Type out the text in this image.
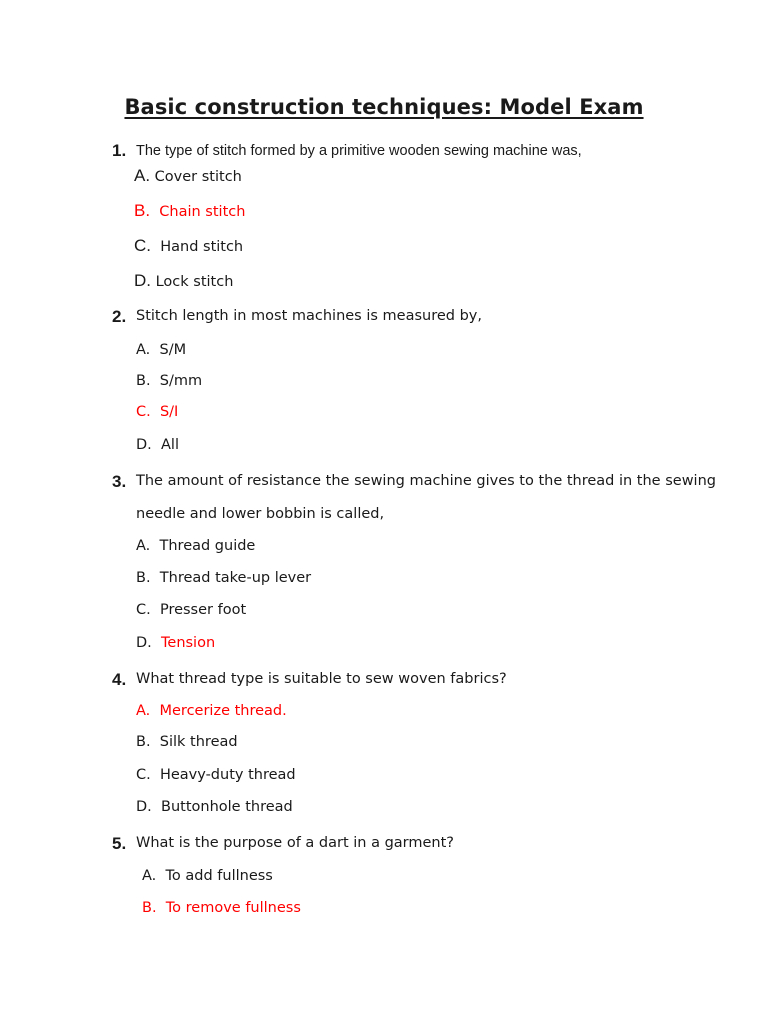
Basic construction techniques: Model Exam
1. The type of stitch formed by a primitive wooden sewing machine was,
A. Cover stitch
B. Chain stitch
C. Hand stitch
D. Lock stitch
2. Stitch length in most machines is measured by,
A. S/M
B. S/mm
C. S/I
D. All
3. The amount of resistance the sewing machine gives to the thread in the sewing
needle and lower bobbin is called,
A. Thread guide
B. Thread take-up lever
C. Presser foot
D. Tension
4. What thread type is suitable to sew woven fabrics?
A. Mercerize thread.
B. Silk thread
C. Heavy-duty thread
D. Buttonhole thread
5. What is the purpose of a dart in a garment?
A. To add fullness
B. To remove fullness
